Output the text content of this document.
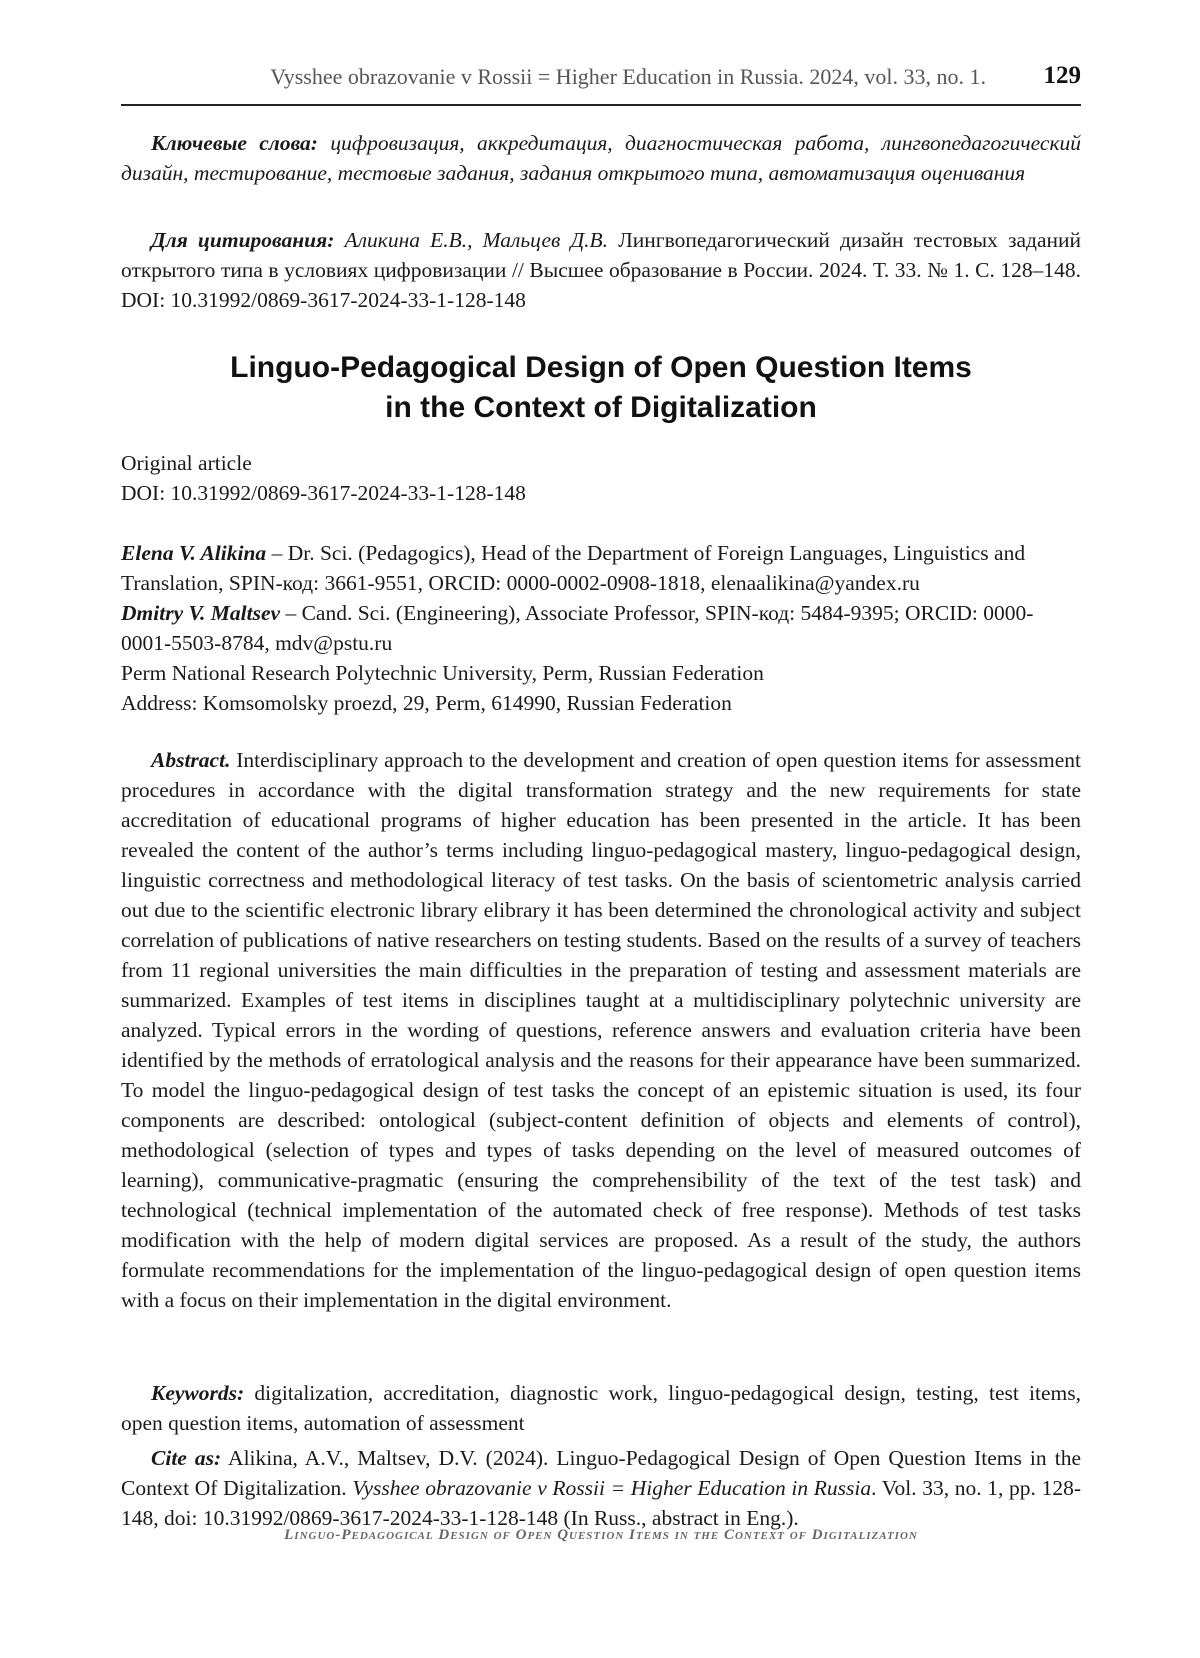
Vysshee obrazovanie v Rossii = Higher Education in Russia. 2024, vol. 33, no. 1. 129

Ключевые слова: цифровизация, аккредитация, диагностическая работа, лингвопедагогический дизайн, тестирование, тестовые задания, задания открытого типа, автоматизация оценивания

Для цитирования: Аликина Е.В., Мальцев Д.В. Лингвопедагогический дизайн тестовых заданий открытого типа в условиях цифровизации // Высшее образование в России. 2024. Т. 33. № 1. С. 128–148. DOI: 10.31992/0869-3617-2024-33-1-128-148

Linguo-Pedagogical Design of Open Question Items
in the Context of Digitalization

Original article
DOI: 10.31992/0869-3617-2024-33-1-128-148

Elena V. Alikina – Dr. Sci. (Pedagogics), Head of the Department of Foreign Languages, Linguistics and Translation, SPIN-код: 3661-9551, ORCID: 0000-0002-0908-1818, elenaalikina@yandex.ru
Dmitry V. Maltsev – Cand. Sci. (Engineering), Associate Professor, SPIN-код: 5484-9395; ORCID: 0000-0001-5503-8784, mdv@pstu.ru
Perm National Research Polytechnic University, Perm, Russian Federation
Address: Komsomolsky proezd, 29, Perm, 614990, Russian Federation

Abstract. Interdisciplinary approach to the development and creation of open question items for assessment procedures in accordance with the digital transformation strategy and the new requirements for state accreditation of educational programs of higher education has been presented in the article. It has been revealed the content of the author’s terms including linguo-pedagogical mastery, linguo-pedagogical design, linguistic correctness and methodological literacy of test tasks. On the basis of scientometric analysis carried out due to the scientific electronic library elibrary it has been determined the chronological activity and subject correlation of publications of native researchers on testing students. Based on the results of a survey of teachers from 11 regional universities the main difficulties in the preparation of testing and assessment materials are summarized. Examples of test items in disciplines taught at a multidisciplinary polytechnic university are analyzed. Typical errors in the wording of questions, reference answers and evaluation criteria have been identified by the methods of erratological analysis and the reasons for their appearance have been summarized. To model the linguo-pedagogical design of test tasks the concept of an epistemic situation is used, its four components are described: ontological (subject-content definition of objects and elements of control), methodological (selection of types and types of tasks depending on the level of measured outcomes of learning), communicative-pragmatic (ensuring the comprehensibility of the text of the test task) and technological (technical implementation of the automated check of free response). Methods of test tasks modification with the help of modern digital services are proposed. As a result of the study, the authors formulate recommendations for the implementation of the linguo-pedagogical design of open question items with a focus on their implementation in the digital environment.

Keywords: digitalization, accreditation, diagnostic work, linguo-pedagogical design, testing, test items, open question items, automation of assessment

Cite as: Alikina, A.V., Maltsev, D.V. (2024). Linguo-Pedagogical Design of Open Question Items in the Context Of Digitalization. Vysshee obrazovanie v Rossii = Higher Education in Russia. Vol. 33, no. 1, pp. 128-148, doi: 10.31992/0869-3617-2024-33-1-128-148 (In Russ., abstract in Eng.).

Linguo-Pedagogical Design of Open Question Items in the Context of Digitalization
